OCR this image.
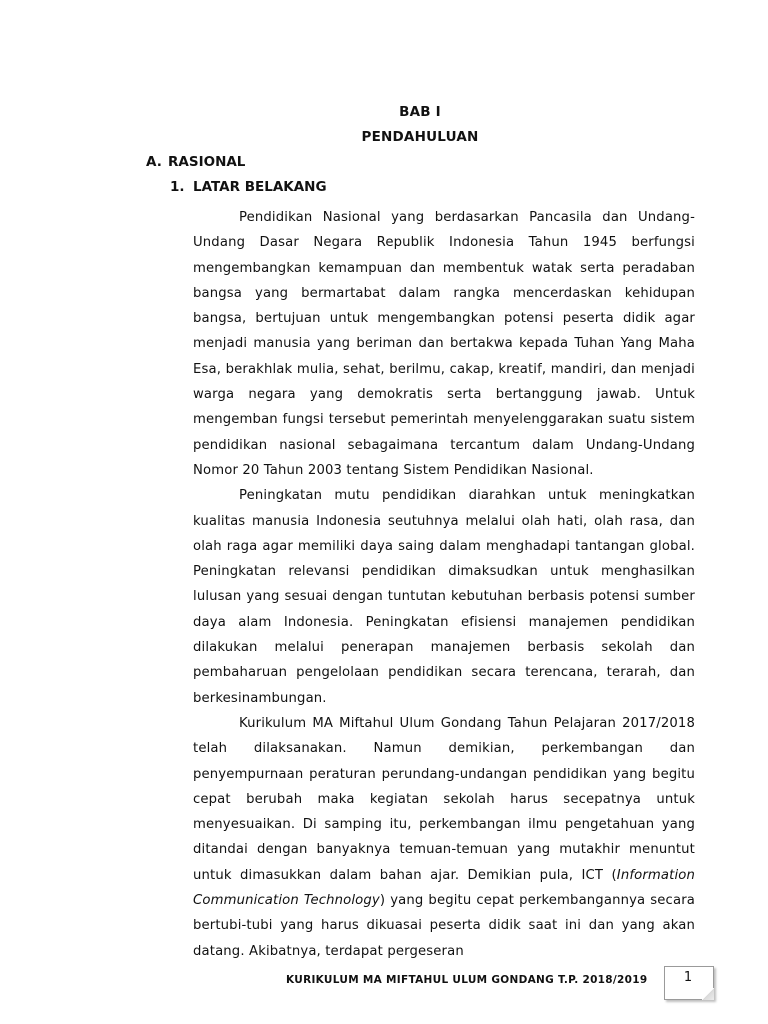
BAB I
PENDAHULUAN
A. RASIONAL
1. LATAR BELAKANG

Pendidikan Nasional yang berdasarkan Pancasila dan Undang-Undang Dasar Negara Republik Indonesia Tahun 1945 berfungsi mengembangkan kemampuan dan membentuk watak serta peradaban bangsa yang bermartabat dalam rangka mencerdaskan kehidupan bangsa, bertujuan untuk mengembangkan potensi peserta didik agar menjadi manusia yang beriman dan bertakwa kepada Tuhan Yang Maha Esa, berakhlak mulia, sehat, berilmu, cakap, kreatif, mandiri, dan menjadi warga negara yang demokratis serta bertanggung jawab. Untuk mengemban fungsi tersebut pemerintah menyelenggarakan suatu sistem pendidikan nasional sebagaimana tercantum dalam Undang-Undang Nomor 20 Tahun 2003 tentang Sistem Pendidikan Nasional.

Peningkatan mutu pendidikan diarahkan untuk meningkatkan kualitas manusia Indonesia seutuhnya melalui olah hati, olah rasa, dan olah raga agar memiliki daya saing dalam menghadapi tantangan global. Peningkatan relevansi pendidikan dimaksudkan untuk menghasilkan lulusan yang sesuai dengan tuntutan kebutuhan berbasis potensi sumber daya alam Indonesia. Peningkatan efisiensi manajemen pendidikan dilakukan melalui penerapan manajemen berbasis sekolah dan pembaharuan pengelolaan pendidikan secara terencana, terarah, dan berkesinambungan.

Kurikulum MA Miftahul Ulum Gondang Tahun Pelajaran 2017/2018 telah dilaksanakan. Namun demikian, perkembangan dan penyempurnaan peraturan perundang-undangan pendidikan yang begitu cepat berubah maka kegiatan sekolah harus secepatnya untuk menyesuaikan. Di samping itu, perkembangan ilmu pengetahuan yang ditandai dengan banyaknya temuan-temuan yang mutakhir menuntut untuk dimasukkan dalam bahan ajar. Demikian pula, ICT (Information Communication Technology) yang begitu cepat perkembangannya secara bertubi-tubi yang harus dikuasai peserta didik saat ini dan yang akan datang. Akibatnya, terdapat pergeseran

KURIKULUM MA MIFTAHUL ULUM GONDANG T.P. 2018/2019	1
